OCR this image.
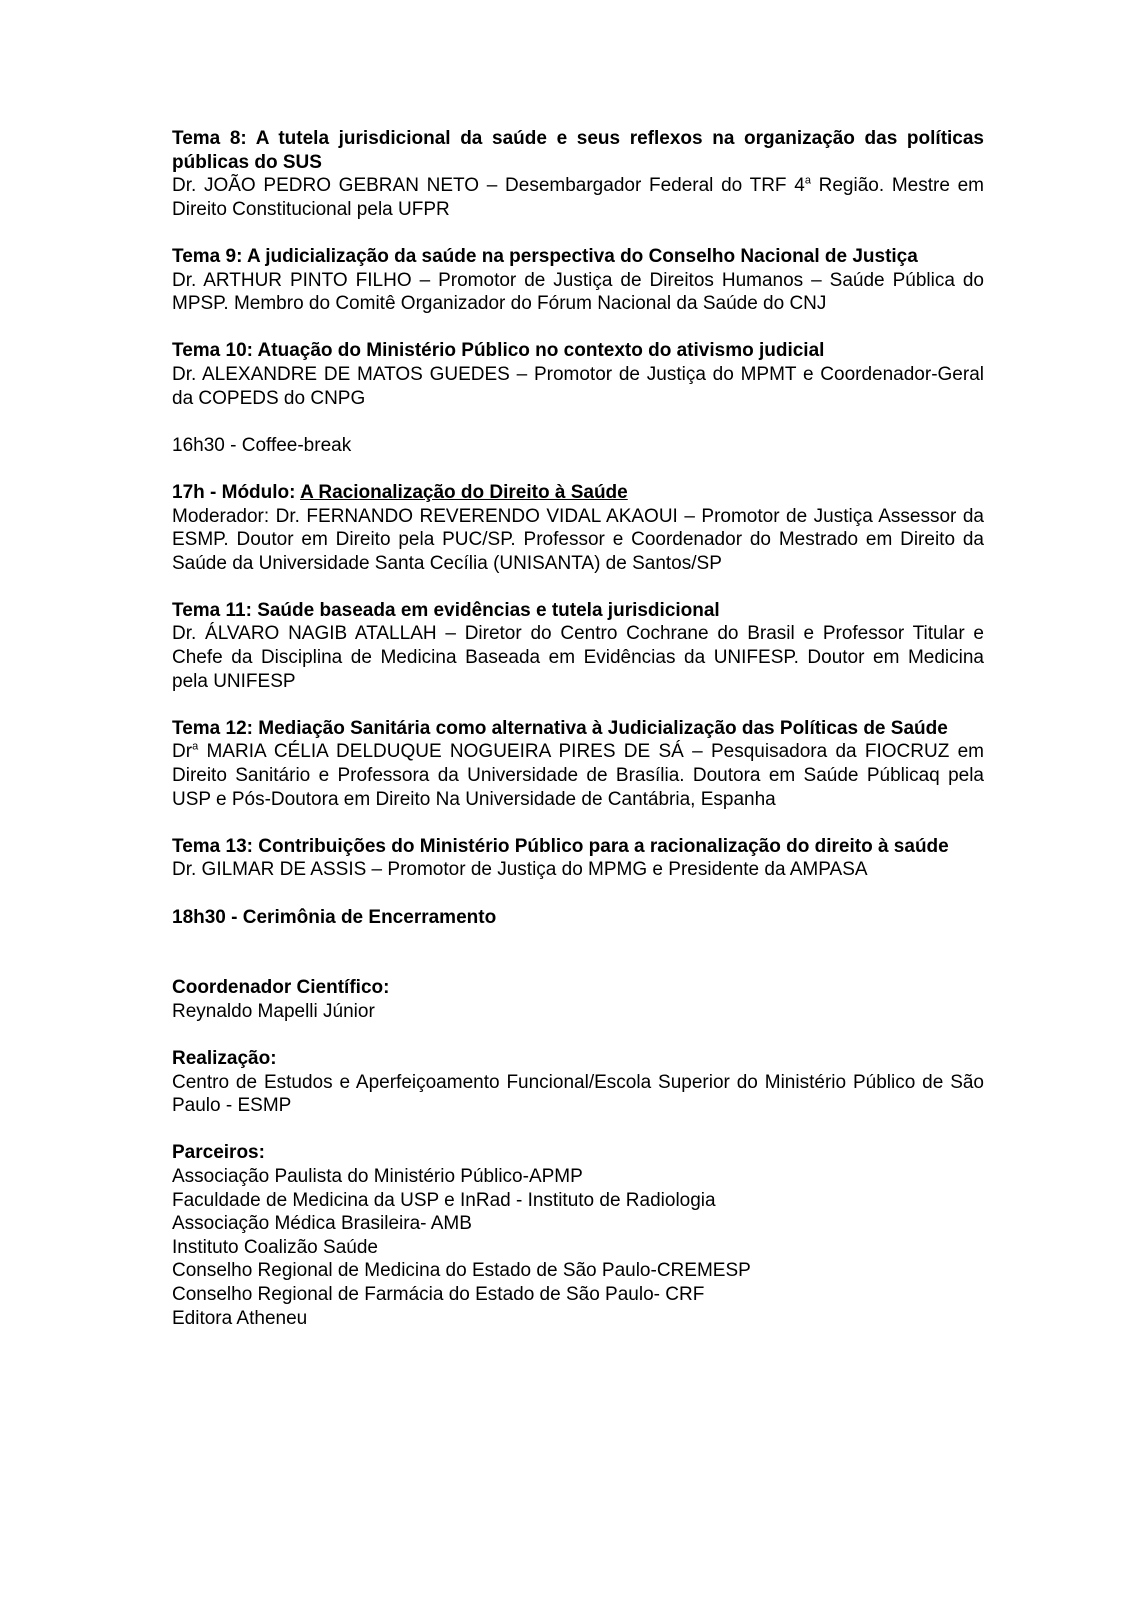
Tema 8: A tutela jurisdicional da saúde e seus reflexos na organização das políticas públicas do SUS
Dr. JOÃO PEDRO GEBRAN NETO – Desembargador Federal do TRF 4$^a$ Região. Mestre em Direito Constitucional pela UFPR
Tema 9: A judicialização da saúde na perspectiva do Conselho Nacional de Justiça
Dr. ARTHUR PINTO FILHO – Promotor de Justiça de Direitos Humanos – Saúde Pública do MPSP. Membro do Comitê Organizador do Fórum Nacional da Saúde do CNJ
Tema 10: Atuação do Ministério Público no contexto do ativismo judicial
Dr. ALEXANDRE DE MATOS GUEDES – Promotor de Justiça do MPMT e Coordenador-Geral da COPEDS do CNPG
16h30 - Coffee-break
17h - Módulo: A Racionalização do Direito à Saúde
Moderador: Dr. FERNANDO REVERENDO VIDAL AKAOUI – Promotor de Justiça Assessor da ESMP. Doutor em Direito pela PUC/SP. Professor e Coordenador do Mestrado em Direito da Saúde da Universidade Santa Cecília (UNISANTA) de Santos/SP
Tema 11: Saúde baseada em evidências e tutela jurisdicional
Dr. ÁLVARO NAGIB ATALLAH – Diretor do Centro Cochrane do Brasil e Professor Titular e Chefe da Disciplina de Medicina Baseada em Evidências da UNIFESP. Doutor em Medicina pela UNIFESP
Tema 12: Mediação Sanitária como alternativa à Judicialização das Políticas de Saúde
Dr$^a$ MARIA CÉLIA DELDUQUE NOGUEIRA PIRES DE SÁ – Pesquisadora da FIOCRUZ em Direito Sanitário e Professora da Universidade de Brasília. Doutora em Saúde Públicaq pela USP e Pós-Doutora em Direito Na Universidade de Cantábria, Espanha
Tema 13: Contribuições do Ministério Público para a racionalização do direito à saúde
Dr. GILMAR DE ASSIS – Promotor de Justiça do MPMG e Presidente da AMPASA
18h30 - Cerimônia de Encerramento
Coordenador Científico:
Reynaldo Mapelli Júnior
Realização:
Centro de Estudos e Aperfeiçoamento Funcional/Escola Superior do Ministério Público de São Paulo - ESMP
Parceiros:
Associação Paulista do Ministério Público-APMP
Faculdade de Medicina da USP e InRad - Instituto de Radiologia
Associação Médica Brasileira- AMB
Instituto Coalizão Saúde
Conselho Regional de Medicina do Estado de São Paulo-CREMESP
Conselho Regional de Farmácia do Estado de São Paulo- CRF
Editora Atheneu
